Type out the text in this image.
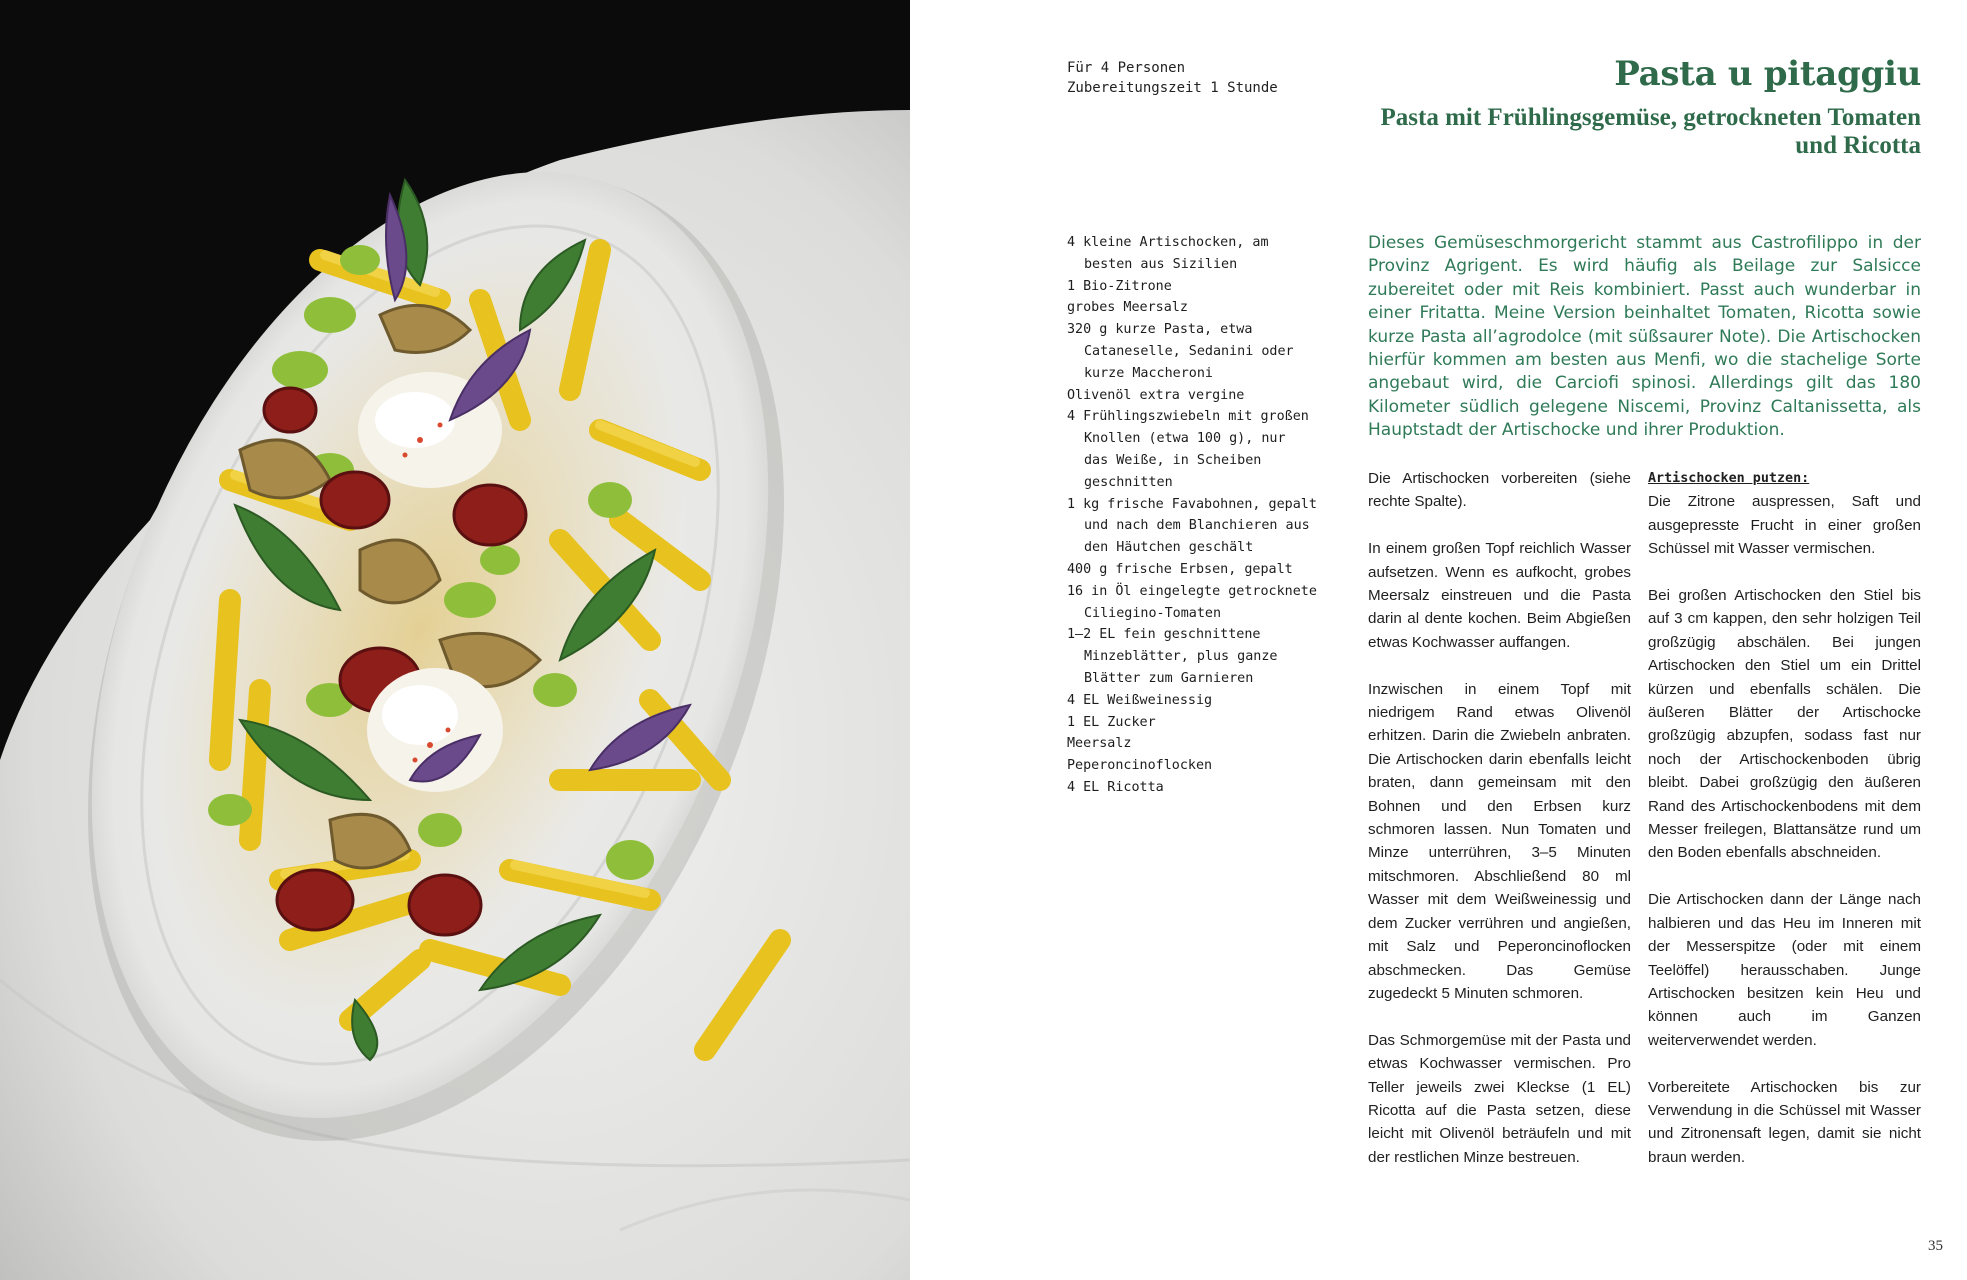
Für 4 Personen
Zubereitungszeit 1 Stunde	Pasta u pitaggiu
Pasta mit Frühlingsgemüse, getrockneten Tomaten und Ricotta
4 kleine Artischocken, am besten aus Sizilien
1 Bio-Zitrone
grobes Meersalz
320 g kurze Pasta, etwa Cataneselle, Sedanini oder kurze Maccheroni
Olivenöl extra vergine
4 Frühlingszwiebeln mit großen Knollen (etwa 100 g), nur das Weiße, in Scheiben geschnitten
1 kg frische Favabohnen, gepalt und nach dem Blanchieren aus den Häutchen geschält
400 g frische Erbsen, gepalt
16 in Öl eingelegte getrocknete Ciliegino-Tomaten
1–2 EL fein geschnittene Minzeblätter, plus ganze Blätter zum Garnieren
4 EL Weißweinessig
1 EL Zucker
Meersalz
Peperoncinoflocken
4 EL Ricotta

Dieses Gemüseschmorgericht stammt aus Castrofilippo in der Provinz Agrigent. Es wird häufig als Beilage zur Salsicce zubereitet oder mit Reis kombiniert. Passt auch wunderbar in einer Fritatta. Meine Version beinhaltet Tomaten, Ricotta sowie kurze Pasta all’agrodolce (mit süßsaurer Note). Die Artischocken hierfür kommen am besten aus Menfi, wo die stachelige Sorte angebaut wird, die Carciofi spinosi. Allerdings gilt das 180 Kilometer südlich gelegene Niscemi, Provinz Caltanissetta, als Hauptstadt der Artischocke und ihrer Produktion.

Die Artischocken vorbereiten (siehe rechte Spalte).

In einem großen Topf reichlich Wasser aufsetzen. Wenn es aufkocht, grobes Meersalz einstreuen und die Pasta darin al dente kochen. Beim Abgießen etwas Kochwasser auffangen.

Inzwischen in einem Topf mit niedrigem Rand etwas Olivenöl erhitzen. Darin die Zwiebeln anbraten. Die Artischocken darin ebenfalls leicht braten, dann gemeinsam mit den Bohnen und den Erbsen kurz schmoren lassen. Nun Tomaten und Minze unterrühren, 3–5 Minuten mitschmoren. Abschließend 80 ml Wasser mit dem Weißweinessig und dem Zucker verrühren und angießen, mit Salz und Peperoncinoflocken abschmecken. Das Gemüse zugedeckt 5 Minuten schmoren.

Das Schmorgemüse mit der Pasta und etwas Kochwasser vermischen. Pro Teller jeweils zwei Kleckse (1 EL) Ricotta auf die Pasta setzen, diese leicht mit Olivenöl beträufeln und mit der restlichen Minze bestreuen.

Artischocken putzen:
Die Zitrone auspressen, Saft und ausgepresste Frucht in einer großen Schüssel mit Wasser vermischen.

Bei großen Artischocken den Stiel bis auf 3 cm kappen, den sehr holzigen Teil großzügig abschälen. Bei jungen Artischocken den Stiel um ein Drittel kürzen und ebenfalls schälen. Die äußeren Blätter der Artischocke großzügig abzupfen, sodass fast nur noch der Artischockenboden übrig bleibt. Dabei großzügig den äußeren Rand des Artischockenbodens mit dem Messer freilegen, Blattansätze rund um den Boden ebenfalls abschneiden.

Die Artischocken dann der Länge nach halbieren und das Heu im Inneren mit der Messerspitze (oder mit einem Teelöffel) herausschaben. Junge Artischocken besitzen kein Heu und können auch im Ganzen weiterverwendet werden.

Vorbereitete Artischocken bis zur Verwendung in die Schüssel mit Wasser und Zitronensaft legen, damit sie nicht braun werden.

35
